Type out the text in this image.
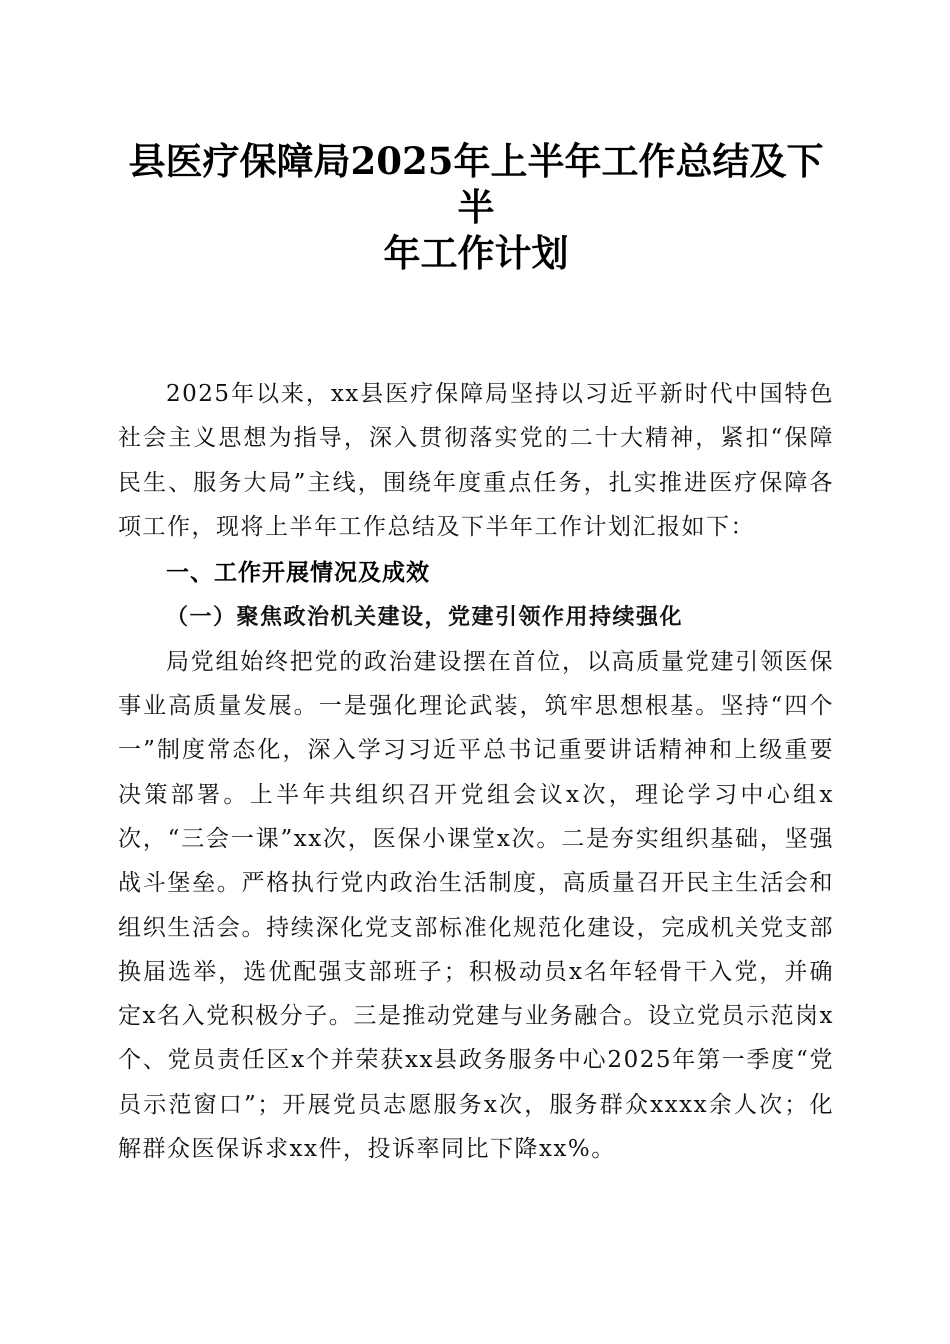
县医疗保障局2025年上半年工作总结及下半
年工作计划

2025年以来，xx县医疗保障局坚持以习近平新时代中国特色社会主义思想为指导，深入贯彻落实党的二十大精神，紧扣“保障民生、服务大局”主线，围绕年度重点任务，扎实推进医疗保障各项工作，现将上半年工作总结及下半年工作计划汇报如下：

一、工作开展情况及成效
（一）聚焦政治机关建设，党建引领作用持续强化

局党组始终把党的政治建设摆在首位，以高质量党建引领医保事业高质量发展。一是强化理论武装，筑牢思想根基。坚持“四个一”制度常态化，深入学习习近平总书记重要讲话精神和上级重要决策部署。上半年共组织召开党组会议x次，理论学习中心组x次，“三会一课”xx次，医保小课堂x次。二是夯实组织基础，坚强战斗堡垒。严格执行党内政治生活制度，高质量召开民主生活会和组织生活会。持续深化党支部标准化规范化建设，完成机关党支部换届选举，选优配强支部班子；积极动员x名年轻骨干入党，并确定x名入党积极分子。三是推动党建与业务融合。设立党员示范岗x个、党员责任区x个并荣获xx县政务服务中心2025年第一季度“党员示范窗口”；开展党员志愿服务x次，服务群众xxxx余人次；化解群众医保诉求xx件，投诉率同比下降xx%。
